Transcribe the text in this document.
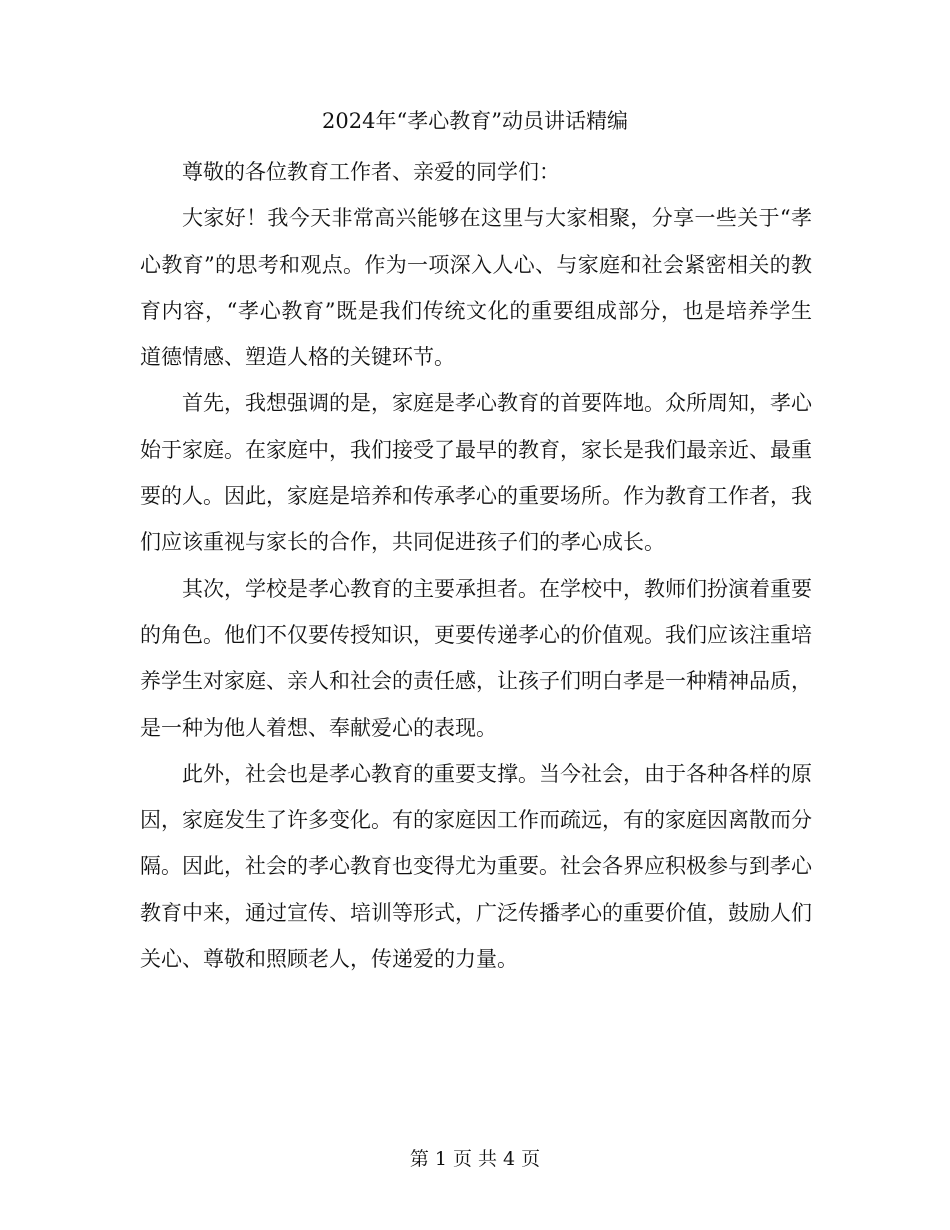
2024年“孝心教育”动员讲话精编

尊敬的各位教育工作者、亲爱的同学们：

大家好！我今天非常高兴能够在这里与大家相聚，分享一些关于“孝心教育”的思考和观点。作为一项深入人心、与家庭和社会紧密相关的教育内容，“孝心教育”既是我们传统文化的重要组成部分，也是培养学生道德情感、塑造人格的关键环节。

首先，我想强调的是，家庭是孝心教育的首要阵地。众所周知，孝心始于家庭。在家庭中，我们接受了最早的教育，家长是我们最亲近、最重要的人。因此，家庭是培养和传承孝心的重要场所。作为教育工作者，我们应该重视与家长的合作，共同促进孩子们的孝心成长。

其次，学校是孝心教育的主要承担者。在学校中，教师们扮演着重要的角色。他们不仅要传授知识，更要传递孝心的价值观。我们应该注重培养学生对家庭、亲人和社会的责任感，让孩子们明白孝是一种精神品质，是一种为他人着想、奉献爱心的表现。

此外，社会也是孝心教育的重要支撑。当今社会，由于各种各样的原因，家庭发生了许多变化。有的家庭因工作而疏远，有的家庭因离散而分隔。因此，社会的孝心教育也变得尤为重要。社会各界应积极参与到孝心教育中来，通过宣传、培训等形式，广泛传播孝心的重要价值，鼓励人们关心、尊敬和照顾老人，传递爱的力量。

第 1 页 共 4 页
